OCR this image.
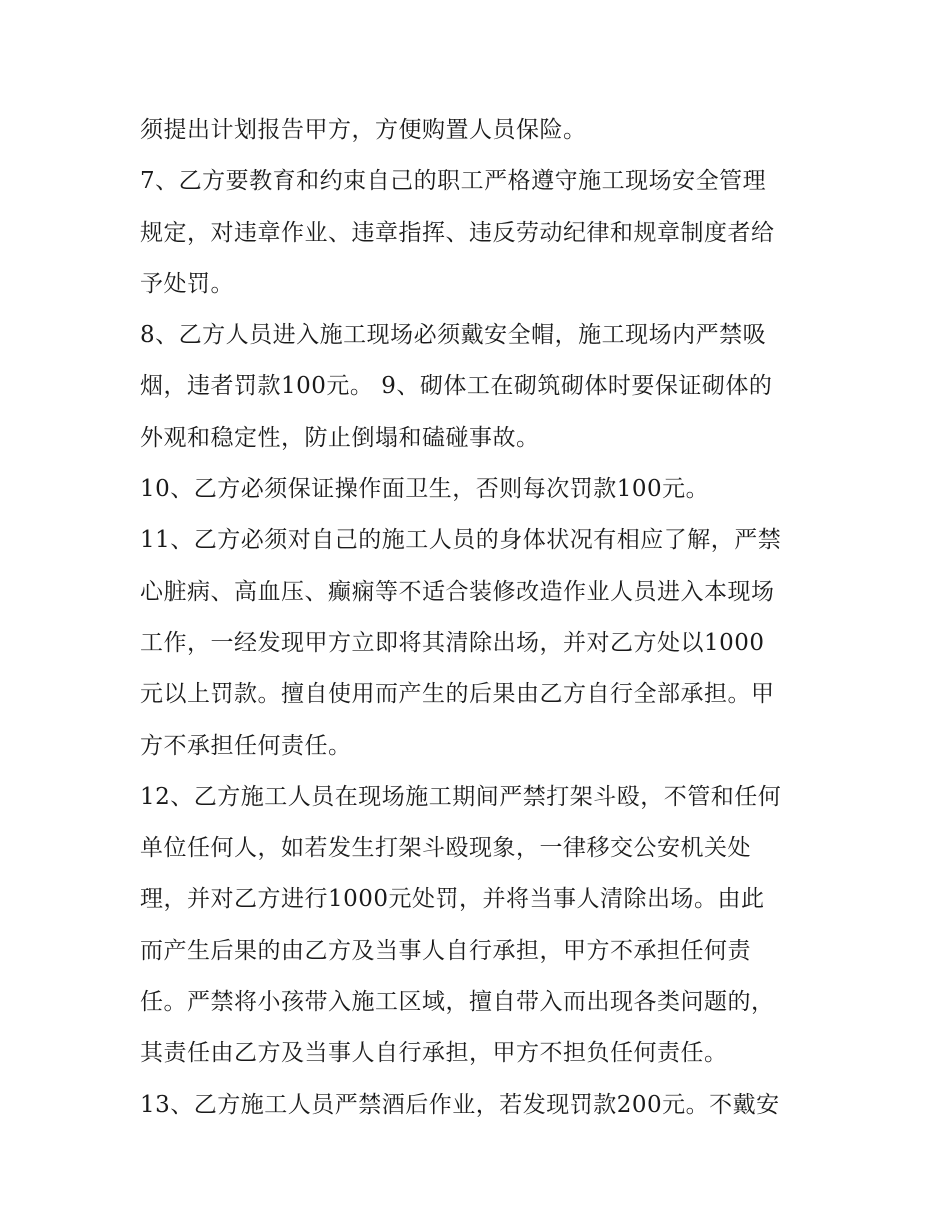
须提出计划报告甲方，方便购置人员保险。
7、乙方要教育和约束自己的职工严格遵守施工现场安全管理
规定，对违章作业、违章指挥、违反劳动纪律和规章制度者给
予处罚。
8、乙方人员进入施工现场必须戴安全帽，施工现场内严禁吸
烟，违者罚款100元。 9、砌体工在砌筑砌体时要保证砌体的
外观和稳定性，防止倒塌和磕碰事故。
10、乙方必须保证操作面卫生，否则每次罚款100元。
11、乙方必须对自己的施工人员的身体状况有相应了解，严禁
心脏病、高血压、癫痫等不适合装修改造作业人员进入本现场
工作，一经发现甲方立即将其清除出场，并对乙方处以1000
元以上罚款。擅自使用而产生的后果由乙方自行全部承担。甲
方不承担任何责任。
12、乙方施工人员在现场施工期间严禁打架斗殴，不管和任何
单位任何人，如若发生打架斗殴现象，一律移交公安机关处
理，并对乙方进行1000元处罚，并将当事人清除出场。由此
而产生后果的由乙方及当事人自行承担，甲方不承担任何责
任。严禁将小孩带入施工区域，擅自带入而出现各类问题的，
其责任由乙方及当事人自行承担，甲方不担负任何责任。
13、乙方施工人员严禁酒后作业，若发现罚款200元。不戴安
